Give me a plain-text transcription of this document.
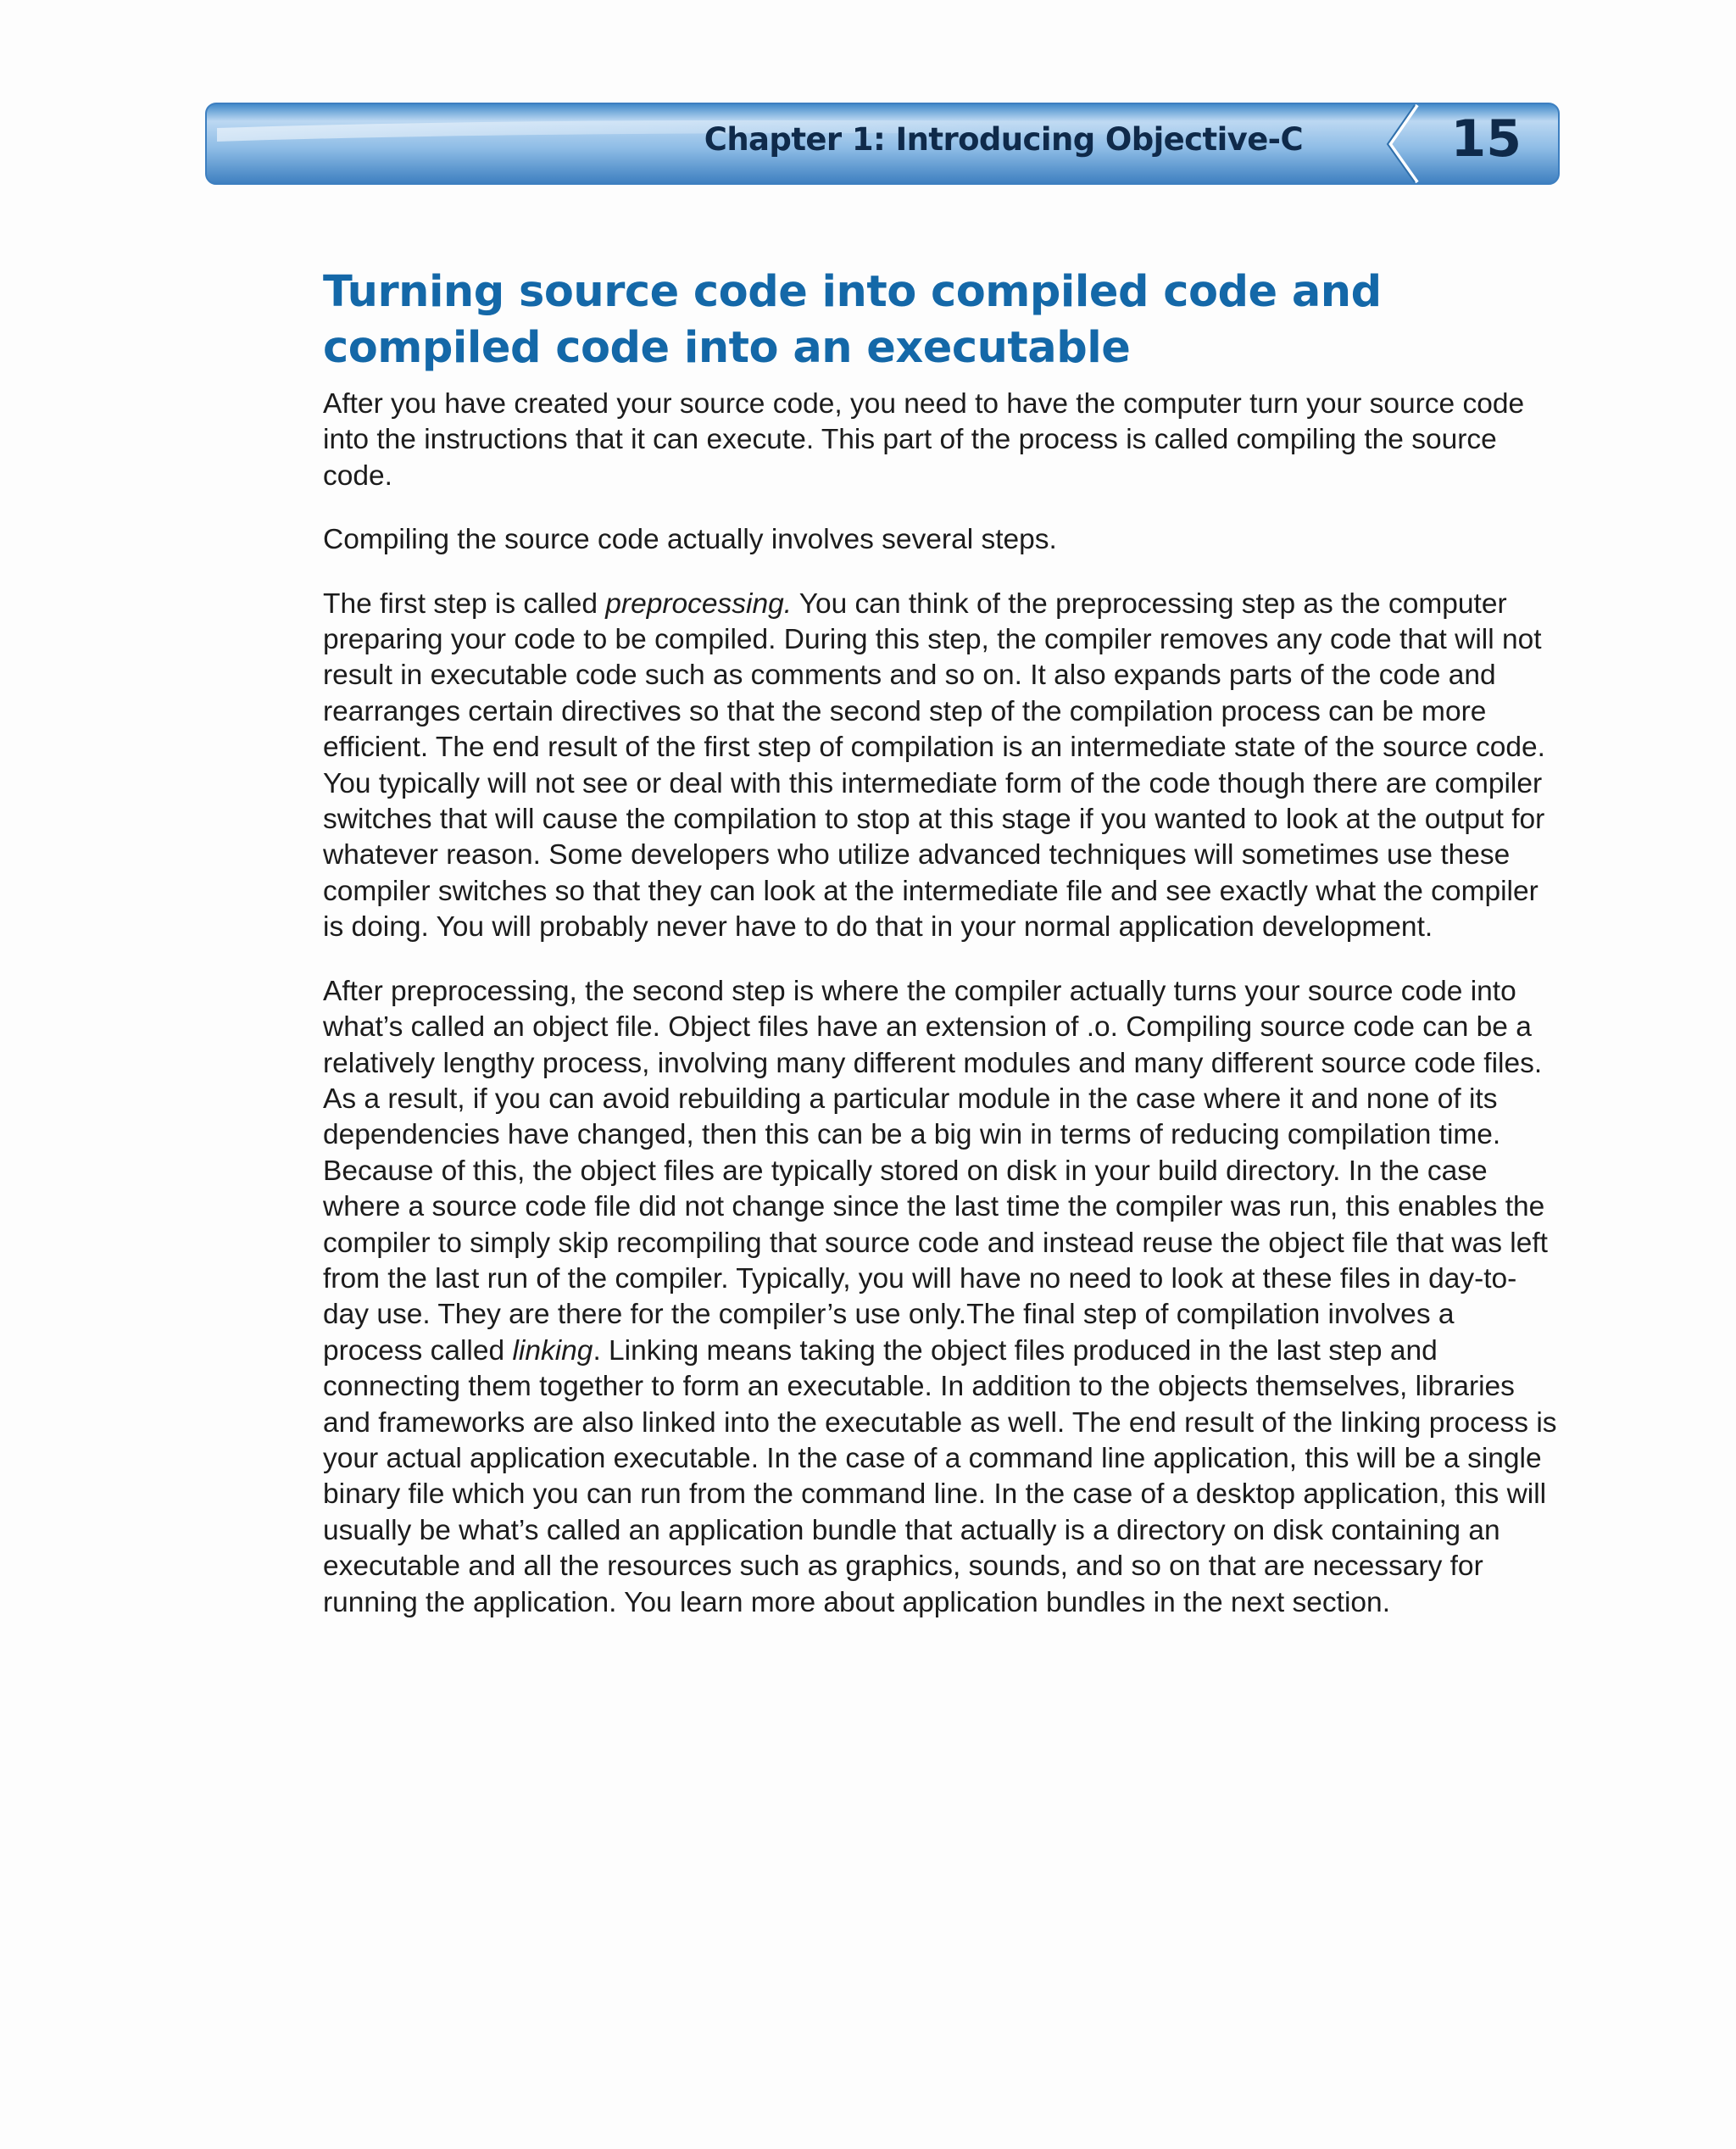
Chapter 1: Introducing Objective-C	15
Turning source code into compiled code and compiled code into an executable

After you have created your source code, you need to have the computer turn your source code into the instructions that it can execute. This part of the process is called compiling the source code.

Compiling the source code actually involves several steps.

The first step is called preprocessing. You can think of the preprocessing step as the computer preparing your code to be compiled. During this step, the compiler removes any code that will not result in executable code such as comments and so on. It also expands parts of the code and rearranges certain directives so that the second step of the compilation process can be more efficient. The end result of the first step of compilation is an intermediate state of the source code. You typically will not see or deal with this intermediate form of the code though there are compiler switches that will cause the compilation to stop at this stage if you wanted to look at the output for whatever reason. Some developers who utilize advanced techniques will sometimes use these compiler switches so that they can look at the intermediate file and see exactly what the compiler is doing. You will probably never have to do that in your normal application development.

After preprocessing, the second step is where the compiler actually turns your source code into what’s called an object file. Object files have an extension of .o. Compiling source code can be a relatively lengthy process, involving many different modules and many different source code files. As a result, if you can avoid rebuilding a particular module in the case where it and none of its dependencies have changed, then this can be a big win in terms of reducing compilation time. Because of this, the object files are typically stored on disk in your build directory. In the case where a source code file did not change since the last time the compiler was run, this enables the compiler to simply skip recompiling that source code and instead reuse the object file that was left from the last run of the compiler. Typically, you will have no need to look at these files in day-to-day use. They are there for the compiler’s use only.The final step of compilation involves a process called linking. Linking means taking the object files produced in the last step and connecting them together to form an executable. In addition to the objects themselves, libraries and frameworks are also linked into the executable as well. The end result of the linking process is your actual application executable. In the case of a command line application, this will be a single binary file which you can run from the command line. In the case of a desktop application, this will usually be what’s called an application bundle that actually is a directory on disk containing an executable and all the resources such as graphics, sounds, and so on that are necessary for running the application. You learn more about application bundles in the next section.
